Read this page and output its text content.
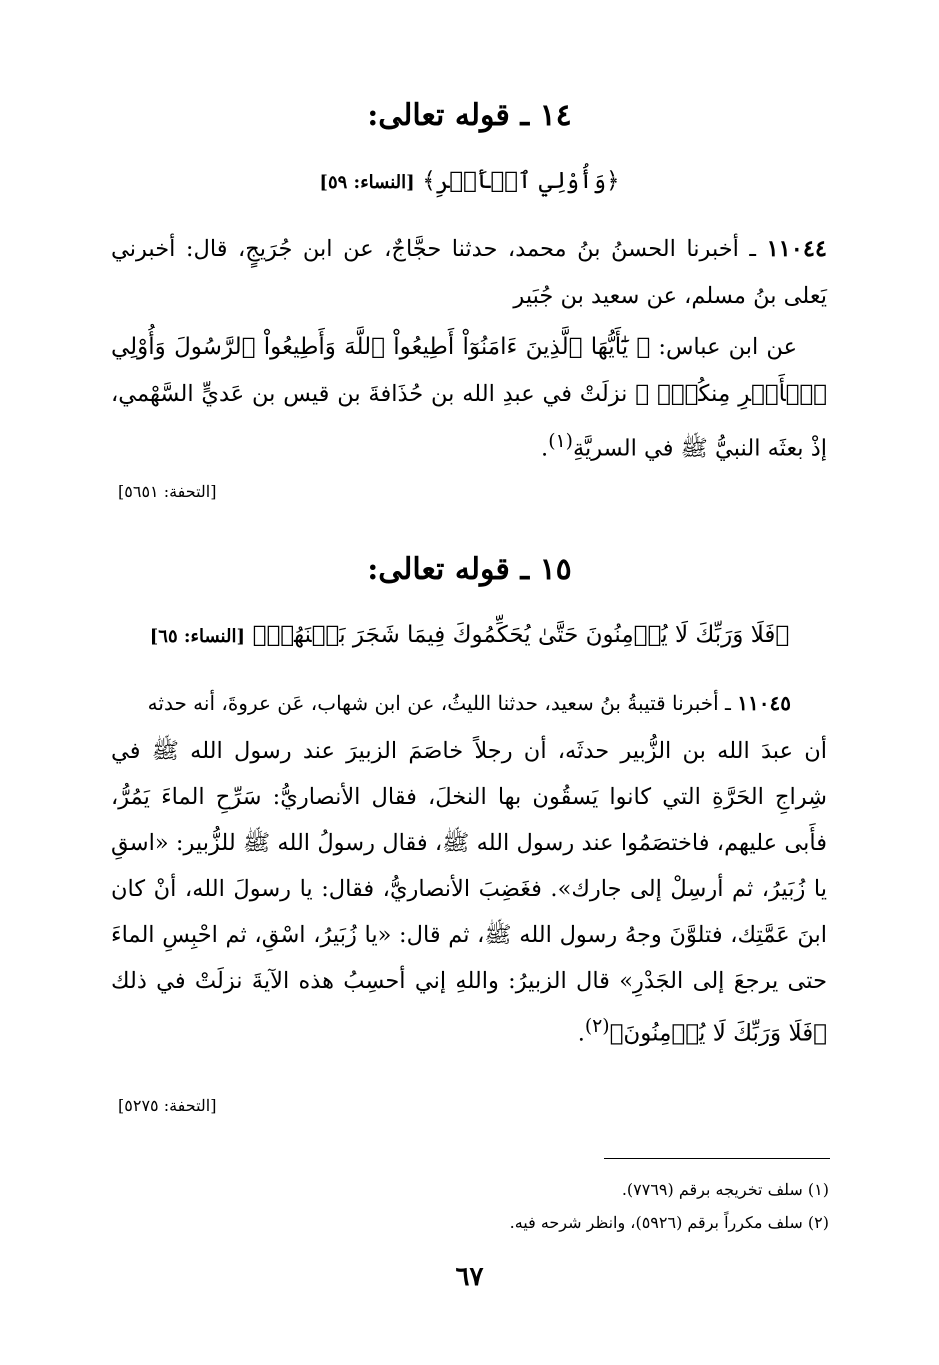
١٤ ـ قوله تعالى:
﴿وَأُوْلِي ٱلۡأَمۡرِ﴾ [النساء: ٥٩]
١١٠٤٤ ـ أخبرنا الحسنُ بنُ محمد، حدثنا حجَّاجٌ، عن ابن جُرَيجٍ، قال: أخبرني يَعلى بنُ مسلم، عن سعيد بن جُبَير
عن ابن عباس: ﴿ يَٰٓأَيُّهَا ٱلَّذِينَ ءَامَنُوٓاْ أَطِيعُواْ ٱللَّهَ وَأَطِيعُواْ ٱلرَّسُولَ وَأُوْلِي ٱلۡأَمۡرِ مِنكُمۡۖ ﴾ نزلَتْ في عبدِ الله بن حُذَافةَ بن قيس بن عَديٍّ السَّهْمي، إذْ بعثَه النبيُّ ﷺ في السريَّةِ$^{(١)}$.
[التحفة: ٥٦٥١]
١٥ ـ قوله تعالى:
﴿فَلَا وَرَبِّكَ لَا يُؤۡمِنُونَ حَتَّىٰ يُحَكِّمُوكَ فِيمَا شَجَرَ بَيۡنَهُمۡ﴾ [النساء: ٦٥]
١١٠٤٥ ـ أخبرنا قتيبةُ بنُ سعيد، حدثنا الليثُ، عن ابن شهاب، عَن عروةَ، أنه حدثه
أن عبدَ الله بن الزُّبير حدثَه، أن رجلاً خاصَمَ الزبيرَ عند رسول الله ﷺ في شِراجِ الحَرَّةِ التي كانوا يَسقُون بها النخلَ، فقال الأنصاريُّ: سَرِّحِ الماءَ يَمُرُّ، فأَبى عليهم، فاختصَمُوا عند رسول الله ﷺ، فقال رسولُ الله ﷺ للزُّبير: «اسقِ يا زُبَيرُ، ثم أرسِلْ إلى جارك». فغَضِبَ الأنصاريُّ، فقال: يا رسولَ الله، أنْ كان ابنَ عَمَّتِك، فتلوَّنَ وجهُ رسول الله ﷺ، ثم قال: «يا زُبَيرُ، اسْقِ، ثم احْبِسِ الماءَ حتى يرجعَ إلى الجَدْرِ» قال الزبيرُ: واللهِ إني أحسِبُ هذه الآيةَ نزلَتْ في ذلك ﴿فَلَا وَرَبِّكَ لَا يُؤۡمِنُونَ﴾$^{(٢)}$.
[التحفة: ٥٢٧٥]
(١) سلف تخريجه برقم (٧٧٦٩).
(٢) سلف مكرراً برقم (٥٩٢٦)، وانظر شرحه فيه.
٦٧
